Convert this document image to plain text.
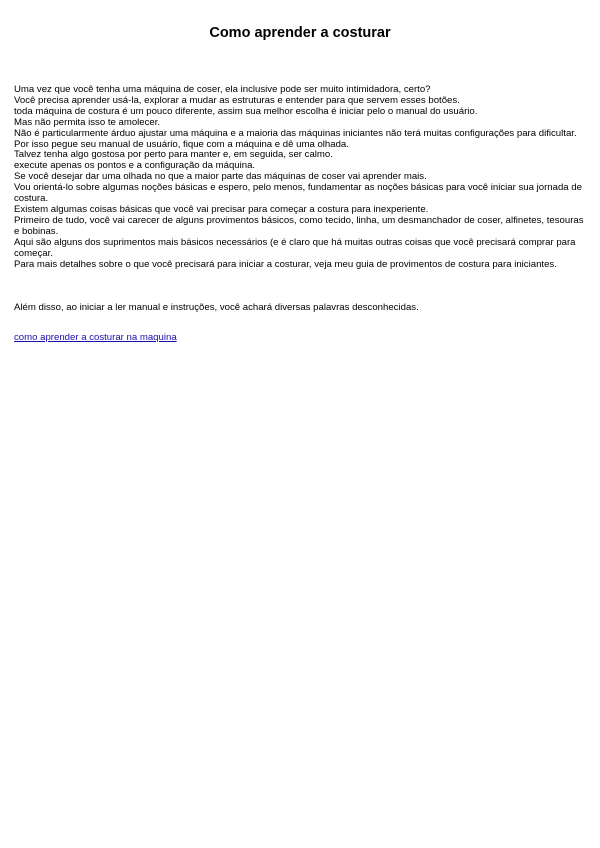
Como aprender a costurar
Uma vez que você tenha uma máquina de coser, ela inclusive pode ser muito intimidadora, certo?
Você precisa aprender usá-la, explorar a mudar as estruturas e entender para que servem esses botões.
toda máquina de costura é um pouco diferente, assim sua melhor escolha é iniciar pelo o manual do usuário.
Mas não permita isso te amolecer.
Não é particularmente árduo ajustar uma máquina e a maioria das máquinas iniciantes não terá muitas configurações para dificultar.
Por isso pegue seu manual de usuário, fique com a máquina e dê uma olhada.
Talvez tenha algo gostosa por perto para manter e, em seguida, ser calmo.
execute apenas os pontos e a configuração da máquina.
Se você desejar dar uma olhada no que a maior parte das máquinas de coser vai aprender mais.
Vou orientá-lo sobre algumas noções básicas e espero, pelo menos, fundamentar as noções básicas para você iniciar sua jornada de costura.
Existem algumas coisas básicas que você vai precisar para começar a costura para inexperiente.
Primeiro de tudo, você vai carecer de alguns provimentos básicos, como tecido, linha, um desmanchador de coser, alfinetes, tesouras e bobinas.
Aqui são alguns dos suprimentos mais básicos necessários (e é claro que há muitas outras coisas que você precisará comprar para começar.
Para mais detalhes sobre o que você precisará para iniciar a costurar, veja meu guia de provimentos de costura para iniciantes.

Além disso, ao iniciar a ler manual e instruções, você achará diversas palavras desconhecidas.

como aprender a costurar na maquina
